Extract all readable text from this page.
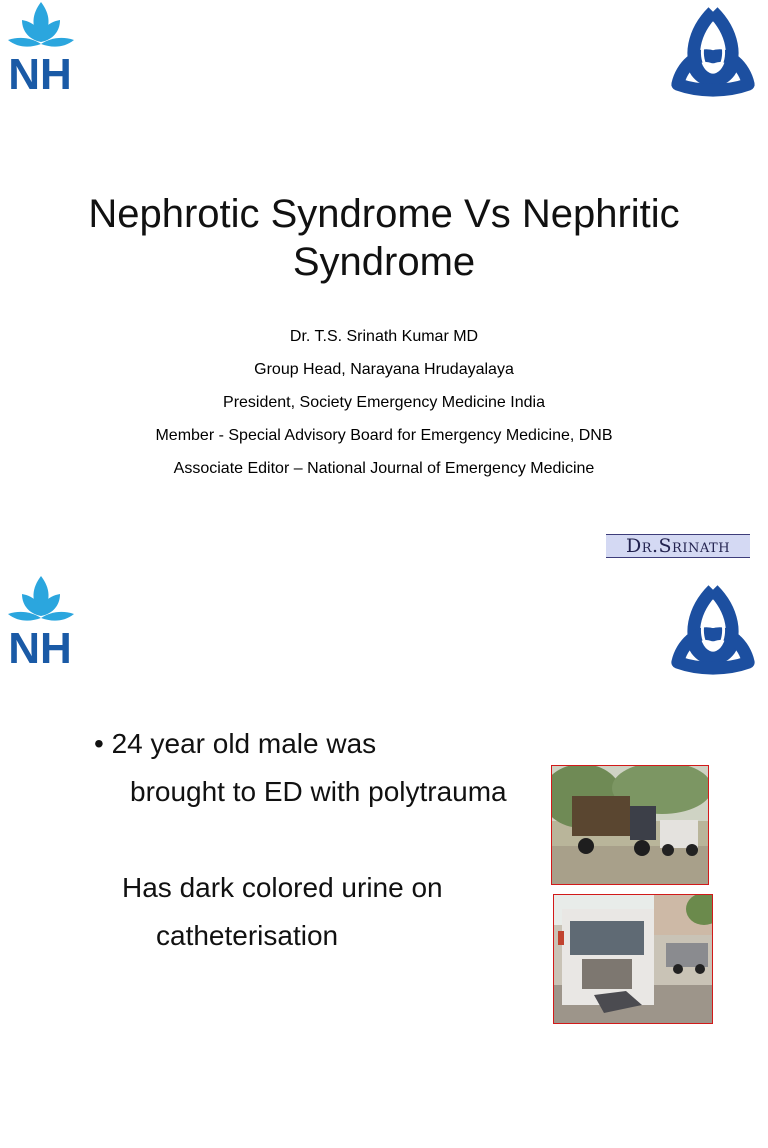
NH
Nephrotic Syndrome Vs Nephritic Syndrome
Dr. T.S. Srinath Kumar MD
Group Head, Narayana Hrudayalaya
President, Society Emergency Medicine India
Member - Special Advisory Board for Emergency Medicine, DNB
Associate Editor – National Journal of Emergency Medicine
Dr.Srinath
NH
• 24 year old male was
brought to ED with polytrauma
Has dark colored urine on
catheterisation
